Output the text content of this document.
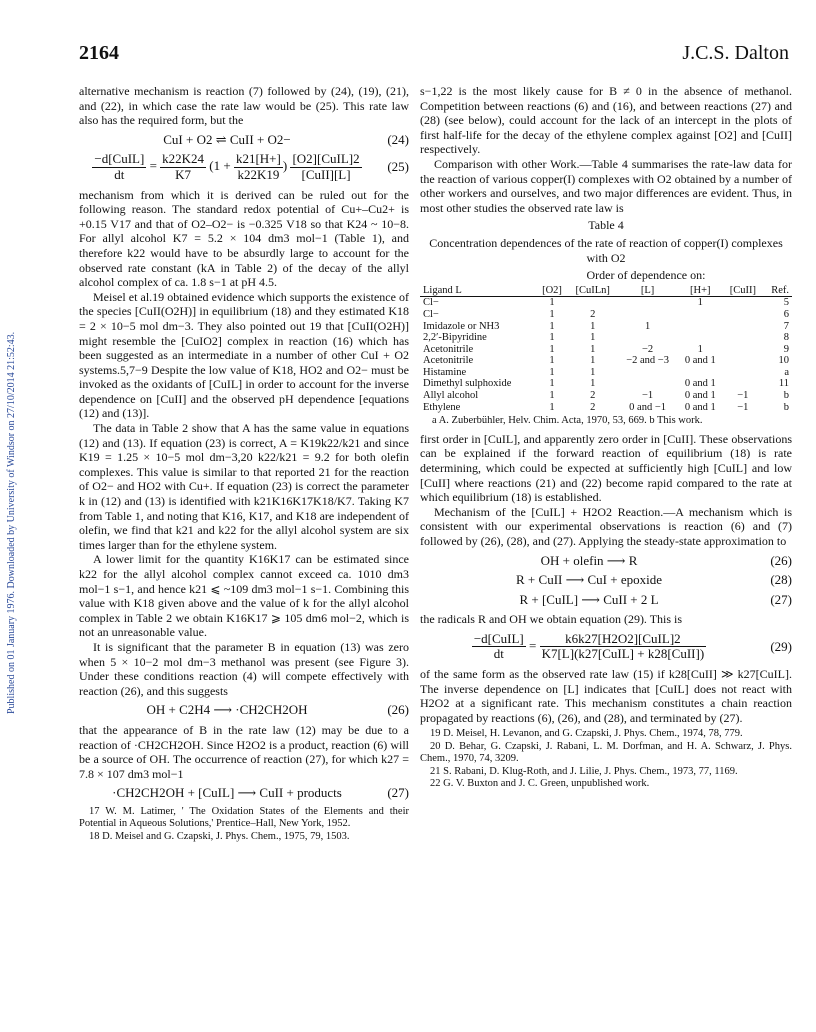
2164	J.C.S. Dalton
Published on 01 January 1976. Downloaded by University of Windsor on 27/10/2014 21:52:43.

alternative mechanism is reaction (7) followed by (24), (19), (21), and (22), in which case the rate law would be (25). This rate law also has the required form, but the

CuI + O2 ⇌ CuII + O2−	(24)
$\frac{\text{−d[CuIL]}}{dt} = \frac{k22K24}{K7} (1 + \frac{k21[H+]}{k22K19}$ ) $\frac{\text{[O2][CuIL]2}}{\text{[CuII][L]}}$	(25)

mechanism from which it is derived can be ruled out for the following reason. The standard redox potential of Cu+–Cu2+ is +0.15 V17 and that of O2–O2− is −0.325 V18 so that K24 ~ 10−8. For allyl alcohol K7 = 5.2 × 104 dm3 mol−1 (Table 1), and therefore k22 would have to be absurdly large to account for the observed rate constant (kA in Table 2) of the decay of the allyl alcohol complex of ca. 1.8 s−1 at pH 4.5.

Meisel et al.19 obtained evidence which supports the existence of the species [CuII(O2H)] in equilibrium (18) and they estimated K18 = 2 × 10−5 mol dm−3. They also pointed out 19 that [CuII(O2H)] might resemble the [CuIO2] complex in reaction (16) which has been suggested as an intermediate in a number of other CuI + O2 systems.5,7−9 Despite the low value of K18, HO2 and O2− must be invoked as the oxidants of [CuIL] in order to account for the inverse dependence on [CuII] and the observed pH dependence [equations (12) and (13)].

The data in Table 2 show that A has the same value in equations (12) and (13). If equation (23) is correct, A = K19k22/k21 and since K19 = 1.25 × 10−5 mol dm−3,20 k22/k21 = 9.2 for both olefin complexes. This value is similar to that reported 21 for the reaction of O2− and HO2 with Cu+. If equation (23) is correct the parameter k in (12) and (13) is identified with k21K16K17K18/K7. Taking K7 from Table 1, and noting that K16, K17, and K18 are independent of olefin, we find that k21 and k22 for the allyl alcohol system are six times larger than for the ethylene system.

A lower limit for the quantity K16K17 can be estimated since k22 for the allyl alcohol complex cannot exceed ca. 1010 dm3 mol−1 s−1, and hence k21 ⩽ ~109 dm3 mol−1 s−1. Combining this value with K18 given above and the value of k for the allyl alcohol complex in Table 2 we obtain K16K17 ⩾ 105 dm6 mol−2, which is not an unreasonable value.

It is significant that the parameter B in equation (13) was zero when 5 × 10−2 mol dm−3 methanol was present (see Figure 3). Under these conditions reaction (4) will compete effectively with reaction (26), and this suggests

OH + C2H4 ⟶ ·CH2CH2OH	(26)

that the appearance of B in the rate law (12) may be due to a reaction of ·CH2CH2OH. Since H2O2 is a product, reaction (6) will be a source of OH. The occurrence of reaction (27), for which k27 = 7.8 × 107 dm3 mol−1

·CH2CH2OH + [CuIL] ⟶ CuII + products	(27)

17 W. M. Latimer, ' The Oxidation States of the Elements and their Potential in Aqueous Solutions,' Prentice–Hall, New York, 1952.

18 D. Meisel and G. Czapski, J. Phys. Chem., 1975, 79, 1503.

s−1,22 is the most likely cause for B ≠ 0 in the absence of methanol. Competition between reactions (6) and (16), and between reactions (27) and (28) (see below), could account for the lack of an intercept in the plots of first half-life for the decay of the ethylene complex against [O2] and [CuII] respectively.

Comparison with other Work.—Table 4 summarises the rate-law data for the reaction of various copper(I) complexes with O2 obtained by a number of other workers and ourselves, and two major differences are evident. Thus, in most other studies the observed rate law is

Table 4
Concentration dependences of the rate of reaction of copper(I) complexes with O2
Order of dependence on:
Ligand L	[O2]	[CuILn]	[L]	[H+]	[CuII]	Ref.
Cl−	1			1		5
Cl−	1	2				6
Imidazole or NH3	1	1	1			7
2,2′-Bipyridine	1	1				8
Acetonitrile	1	1	−2	1		9
Acetonitrile	1	1	−2 and −3	0 and 1		10
Histamine	1	1				a
Dimethyl sulphoxide	1	1		0 and 1		11
Allyl alcohol	1	2	−1	0 and 1	−1	b
Ethylene	1	2	0 and −1	0 and 1	−1	b

a A. Zuberbühler, Helv. Chim. Acta, 1970, 53, 669. b This work.

first order in [CuIL], and apparently zero order in [CuII]. These observations can be explained if the forward reaction of equilibrium (18) is rate determining, which could be expected at sufficiently high [CuIL] and low [CuII] where reactions (21) and (22) become rapid compared to the rate at which equilibrium (18) is established.

Mechanism of the [CuIL] + H2O2 Reaction.—A mechanism which is consistent with our experimental observations is reaction (6) and (7) followed by (26), (28), and (27). Applying the steady-state approximation to

OH + olefin ⟶ R	(26)
R + CuII ⟶ CuI + epoxide	(28)
R + [CuIL] ⟶ CuII + 2 L	(27)

the radicals R and OH we obtain equation (29). This is

$\frac{\text{−d[CuIL]}}{dt} = \frac{\text{k6k27[H2O2][CuIL]2}}{\text{K7[L](k27[CuIL] + k28[CuII])}}$	(29)

of the same form as the observed rate law (15) if k28[CuII] ≫ k27[CuIL]. The inverse dependence on [L] indicates that [CuIL] does not react with H2O2 at a significant rate. This mechanism constitutes a chain reaction propagated by reactions (6), (26), and (28), and terminated by (27).

19 D. Meisel, H. Levanon, and G. Czapski, J. Phys. Chem., 1974, 78, 779.

20 D. Behar, G. Czapski, J. Rabani, L. M. Dorfman, and H. A. Schwarz, J. Phys. Chem., 1970, 74, 3209.

21 S. Rabani, D. Klug-Roth, and J. Lilie, J. Phys. Chem., 1973, 77, 1169.

22 G. V. Buxton and J. C. Green, unpublished work.
